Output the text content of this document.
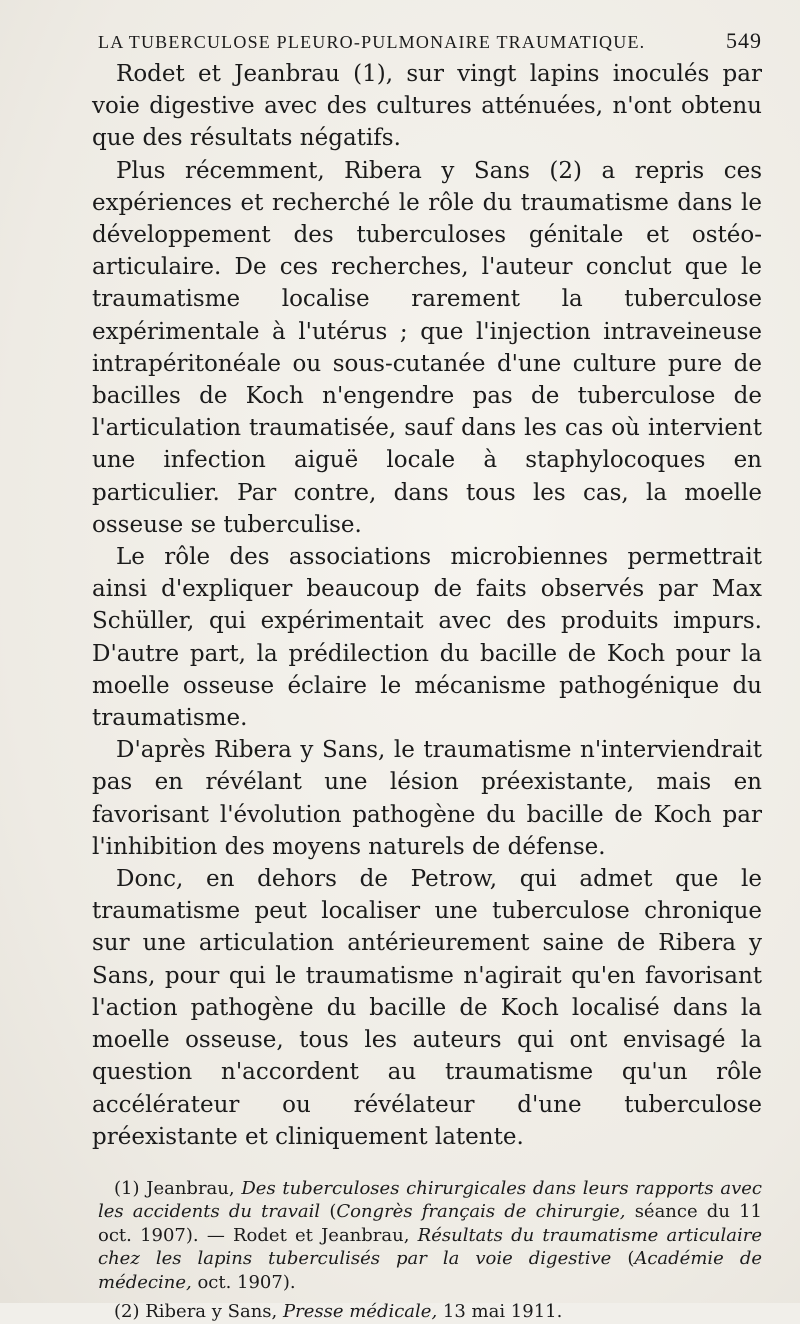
LA TUBERCULOSE PLEURO-PULMONAIRE TRAUMATIQUE.	549

Rodet et Jeanbrau (1), sur vingt lapins inoculés par voie digestive avec des cultures atténuées, n'ont obtenu que des résultats négatifs.

Plus récemment, Ribera y Sans (2) a repris ces expériences et recherché le rôle du traumatisme dans le développement des tuberculoses génitale et ostéo-articulaire. De ces recherches, l'auteur conclut que le traumatisme localise rarement la tuberculose expérimentale à l'utérus ; que l'injection intraveineuse intrapéritonéale ou sous-cutanée d'une culture pure de bacilles de Koch n'engendre pas de tuberculose de l'articulation traumatisée, sauf dans les cas où intervient une infection aiguë locale à staphylocoques en particulier. Par contre, dans tous les cas, la moelle osseuse se tuberculise.

Le rôle des associations microbiennes permettrait ainsi d'expliquer beaucoup de faits observés par Max Schüller, qui expérimentait avec des produits impurs. D'autre part, la prédilection du bacille de Koch pour la moelle osseuse éclaire le mécanisme pathogénique du traumatisme.

D'après Ribera y Sans, le traumatisme n'interviendrait pas en révélant une lésion préexistante, mais en favorisant l'évolution pathogène du bacille de Koch par l'inhibition des moyens naturels de défense.

Donc, en dehors de Petrow, qui admet que le traumatisme peut localiser une tuberculose chronique sur une articulation antérieurement saine de Ribera y Sans, pour qui le traumatisme n'agirait qu'en favorisant l'action pathogène du bacille de Koch localisé dans la moelle osseuse, tous les auteurs qui ont envisagé la question n'accordent au traumatisme qu'un rôle accélérateur ou révélateur d'une tuberculose préexistante et cliniquement latente.

(1) Jeanbrau, Des tuberculoses chirurgicales dans leurs rapports avec les accidents du travail (Congrès français de chirurgie, séance du 11 oct. 1907). — Rodet et Jeanbrau, Résultats du traumatisme articulaire chez les lapins tuberculisés par la voie digestive (Académie de médecine, oct. 1907).

(2) Ribera y Sans, Presse médicale, 13 mai 1911.
